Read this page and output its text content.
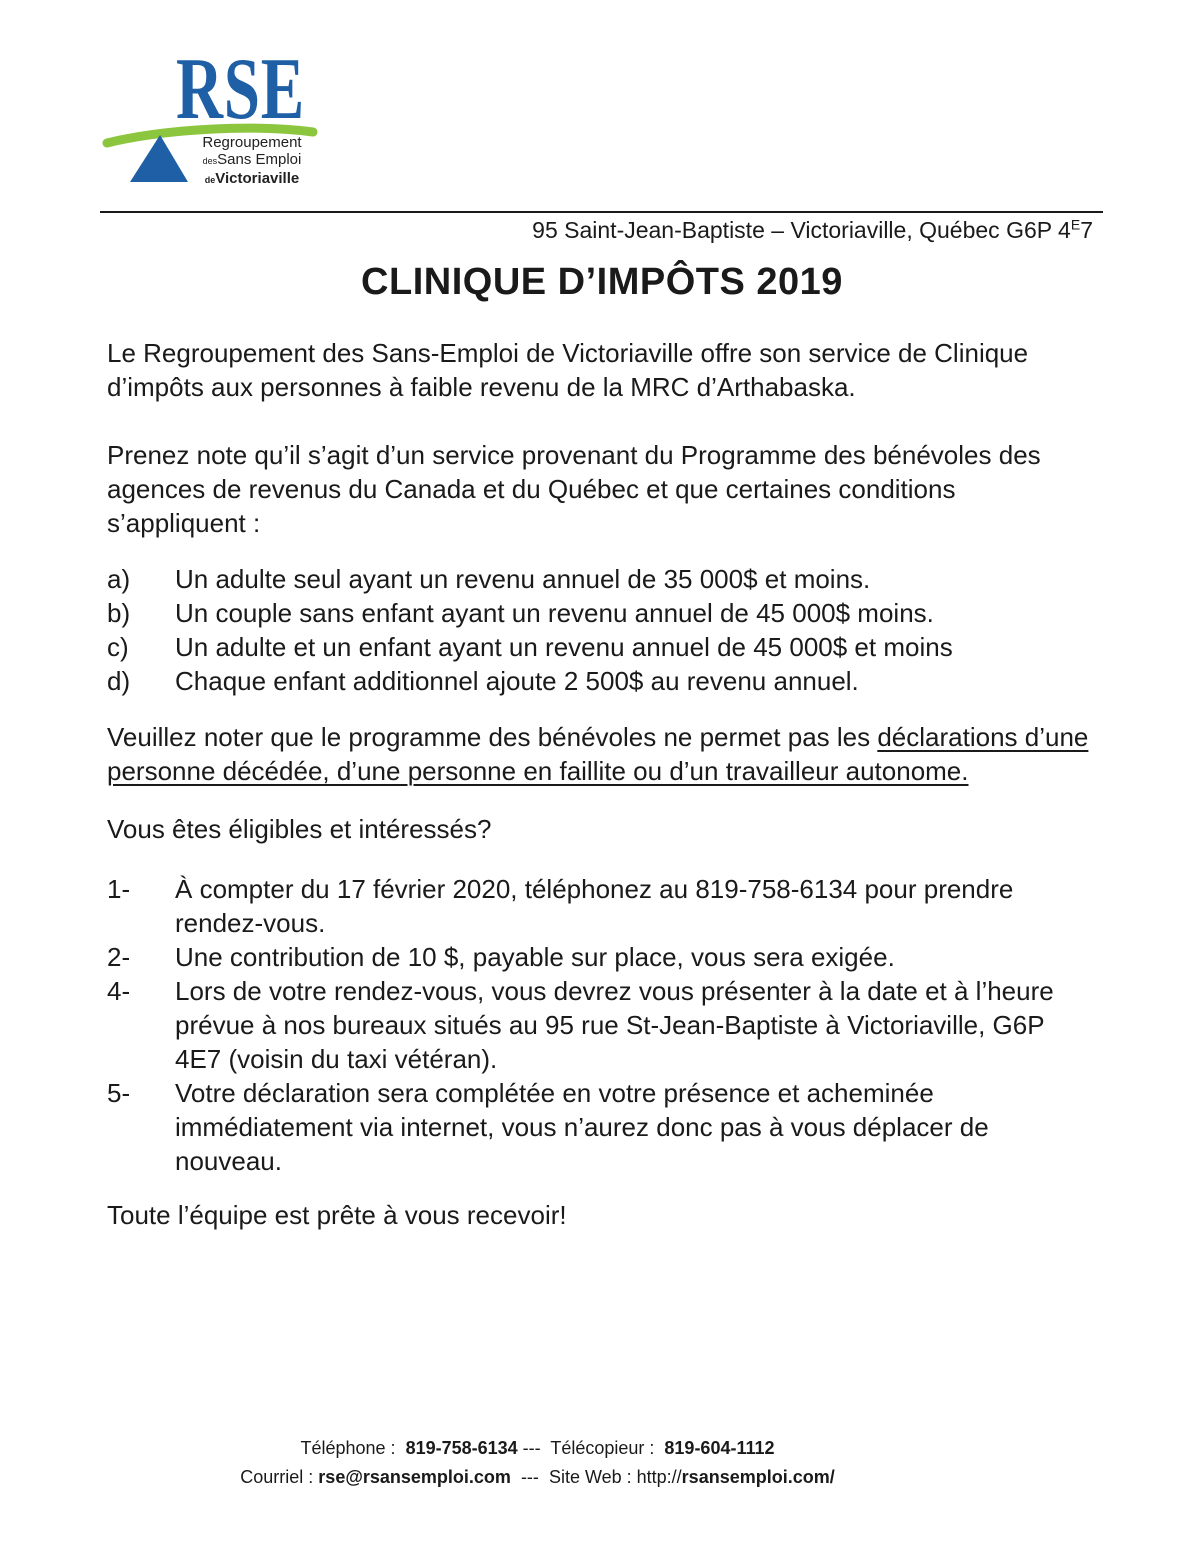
RSE
Regroupement
desSans Emploi
deVictoriaville
95 Saint-Jean-Baptiste – Victoriaville, Québec G6P $4^E7$
CLINIQUE D’IMPÔTS 2019

Le Regroupement des Sans-Emploi de Victoriaville offre son service de Clinique d’impôts aux personnes à faible revenu de la MRC d’Arthabaska.

Prenez note qu’il s’agit d’un service provenant du Programme des bénévoles des agences de revenus du Canada et du Québec et que certaines conditions s’appliquent :

a)	Un adulte seul ayant un revenu annuel de 35 000$ et moins.
b)	Un couple sans enfant ayant un revenu annuel de 45 000$ moins.
c)	Un adulte et un enfant ayant un revenu annuel de 45 000$ et moins
d)	Chaque enfant additionnel ajoute 2 500$ au revenu annuel.

Veuillez noter que le programme des bénévoles ne permet pas les déclarations d’une personne décédée, d’une personne en faillite ou d’un travailleur autonome.

Vous êtes éligibles et intéressés?

1-	À compter du 17 février 2020, téléphonez au 819-758-6134 pour prendre rendez-vous.
2-	Une contribution de 10 $, payable sur place, vous sera exigée.
4-	Lors de votre rendez-vous, vous devrez vous présenter à la date et à l’heure prévue à nos bureaux situés au 95 rue St-Jean-Baptiste à Victoriaville, G6P 4E7 (voisin du taxi vétéran).
5-	Votre déclaration sera complétée en votre présence et acheminée immédiatement via internet, vous n’aurez donc pas à vous déplacer de nouveau.

Toute l’équipe est prête à vous recevoir!

Téléphone :  819-758-6134 ---  Télécopieur :  819-604-1112
Courriel : rse@rsansemploi.com  ---  Site Web : http://rsansemploi.com/
